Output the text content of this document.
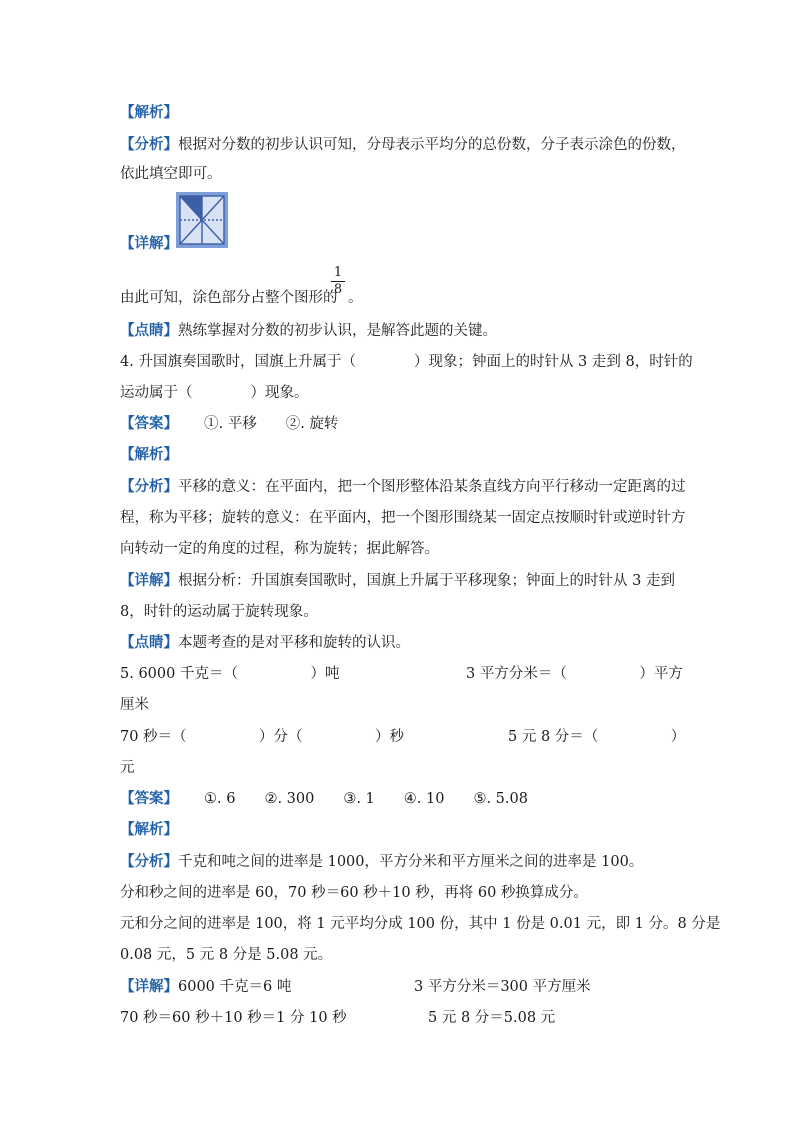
【解析】
【分析】根据对分数的初步认识可知，分母表示平均分的总份数，分子表示涂色的份数，
依此填空即可。
【详解】
由此可知，涂色部分占整个图形的
1
8
。
【点睛】熟练掌握对分数的初步认识，是解答此题的关键。
4. 升国旗奏国歌时，国旗上升属于（　　　　）现象；钟面上的时针从 3 走到 8，时针的
运动属于（　　　　）现象。
【答案】 ①. 平移　　②. 旋转
【解析】
【分析】平移的意义：在平面内，把一个图形整体沿某条直线方向平行移动一定距离的过
程，称为平移；旋转的意义：在平面内，把一个图形围绕某一固定点按顺时针或逆时针方
向转动一定的角度的过程，称为旋转；据此解答。
【详解】根据分析：升国旗奏国歌时，国旗上升属于平移现象；钟面上的时针从 3 走到
8，时针的运动属于旋转现象。
【点睛】本题考查的是对平移和旋转的认识。
5. 6000 千克＝（　　　　　）吨	3 平方分米＝（　　　　　）平方
厘米
70 秒＝（　　　　　）分（　　　　　）秒	5 元 8 分＝（　　　　　）
元
【答案】 ①. 6　　②. 300　　③. 1　　④. 10　　⑤. 5.08
【解析】
【分析】千克和吨之间的进率是 1000，平方分米和平方厘米之间的进率是 100。
分和秒之间的进率是 60，70 秒＝60 秒＋10 秒，再将 60 秒换算成分。
元和分之间的进率是 100，将 1 元平均分成 100 份，其中 1 份是 0.01 元，即 1 分。8 分是
0.08 元，5 元 8 分是 5.08 元。
【详解】6000 千克＝6 吨	3 平方分米＝300 平方厘米
70 秒＝60 秒＋10 秒＝1 分 10 秒	5 元 8 分＝5.08 元
